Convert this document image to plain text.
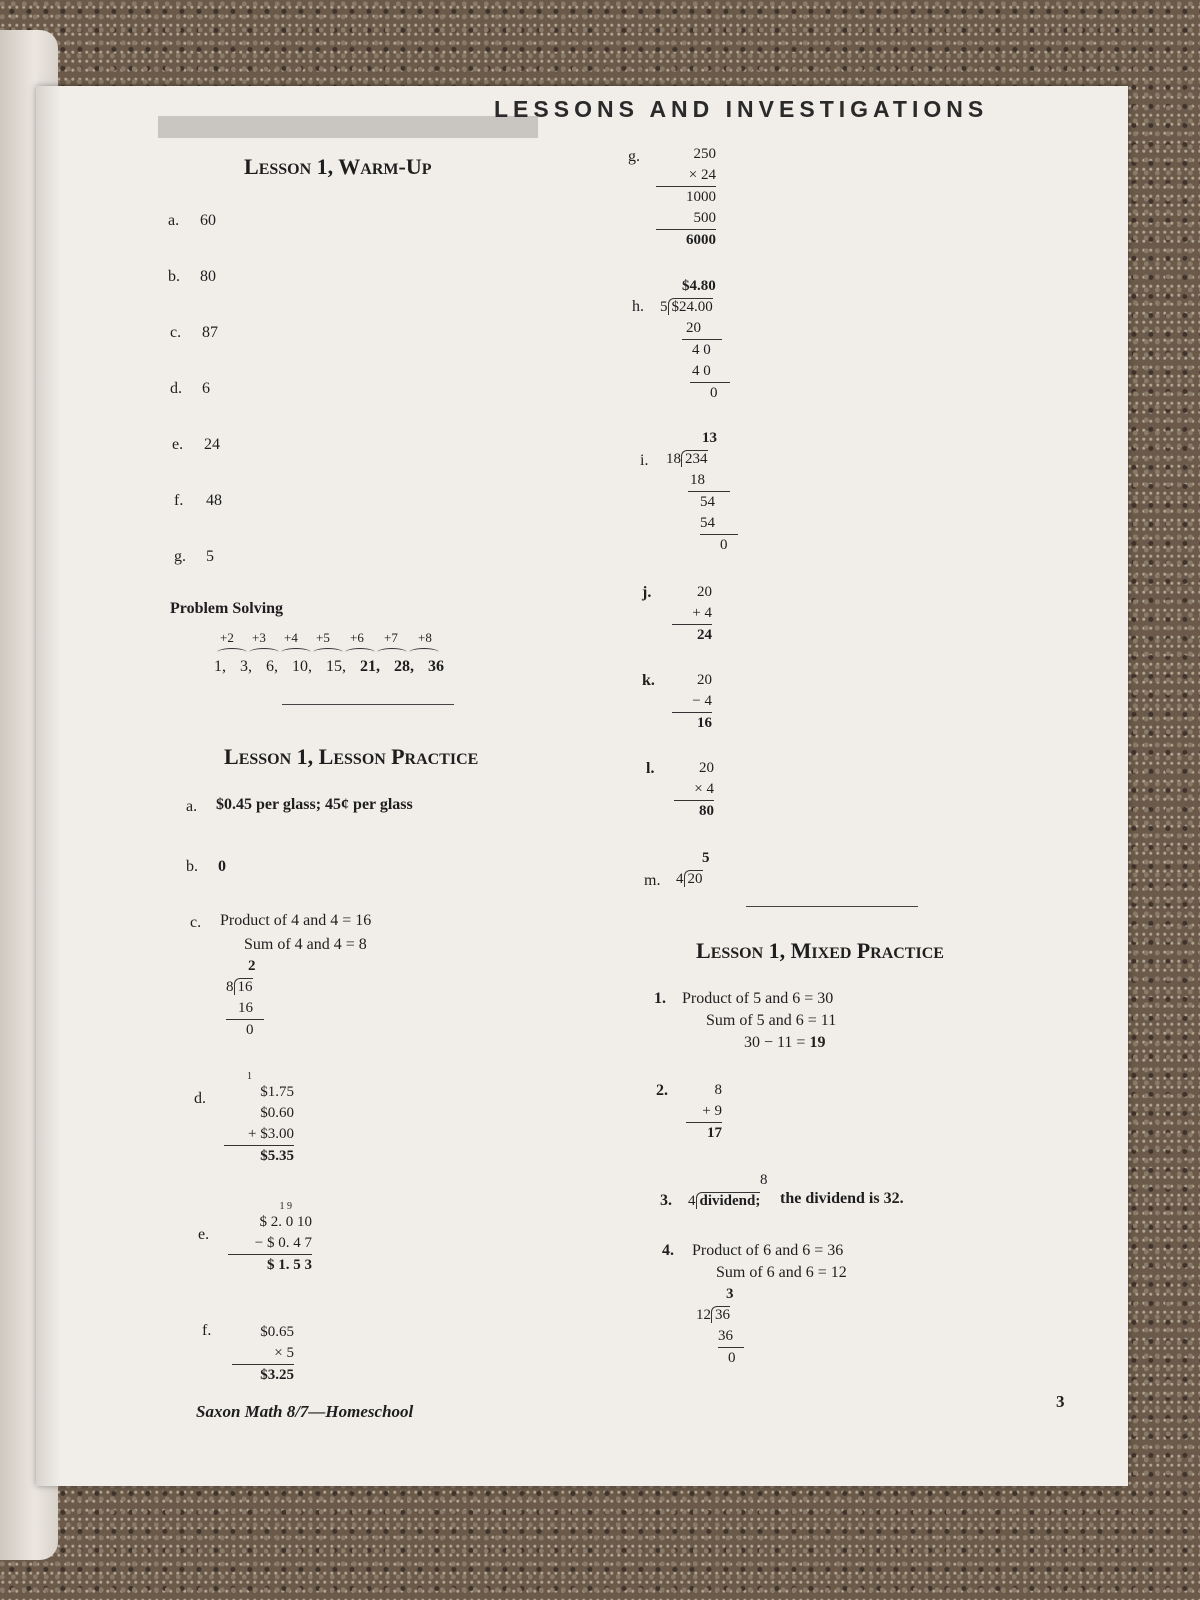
LESSONS AND INVESTIGATIONS
LESSON 1, WARM-UP
a. 60
b. 80
c. 87
d. 6
e. 24
f. 48
g. 5
Problem Solving
+2 +3 +4 +5 +6 +7 +8
1, 3, 6, 10, 15, 21, 28, 36
LESSON 1, LESSON PRACTICE
a. $0.45 per glass; 45¢ per glass
b. 0
c. Product of 4 and 4 = 16
Sum of 4 and 4 = 8
2
8 16
16
0
d.
1
$1.75
$0.60
+ $3.00
$5.35
e.
1 9
$ 2. 0 10
− $ 0. 4 7
$ 1. 5 3
f.	$0.65
× 5
$3.25
Saxon Math 8/7—Homeschool
3
g.	250
× 24
1000
500
6000
h.
$4.80
5 $24.00
20
4 0
4 0
0
i.
13
18 234
18
54
54
0
j.	20
+ 4
24
k.	20
− 4
16
l.	20
× 4
80
m.
5
4 20
LESSON 1, MIXED PRACTICE
1. Product of 5 and 6 = 30
Sum of 5 and 6 = 11
30 − 11 = 19
2.	8
+ 9
17
3.
8
4 dividend;	the dividend is 32.
4. Product of 6 and 6 = 36
Sum of 6 and 6 = 12
3
12 36
36
0
